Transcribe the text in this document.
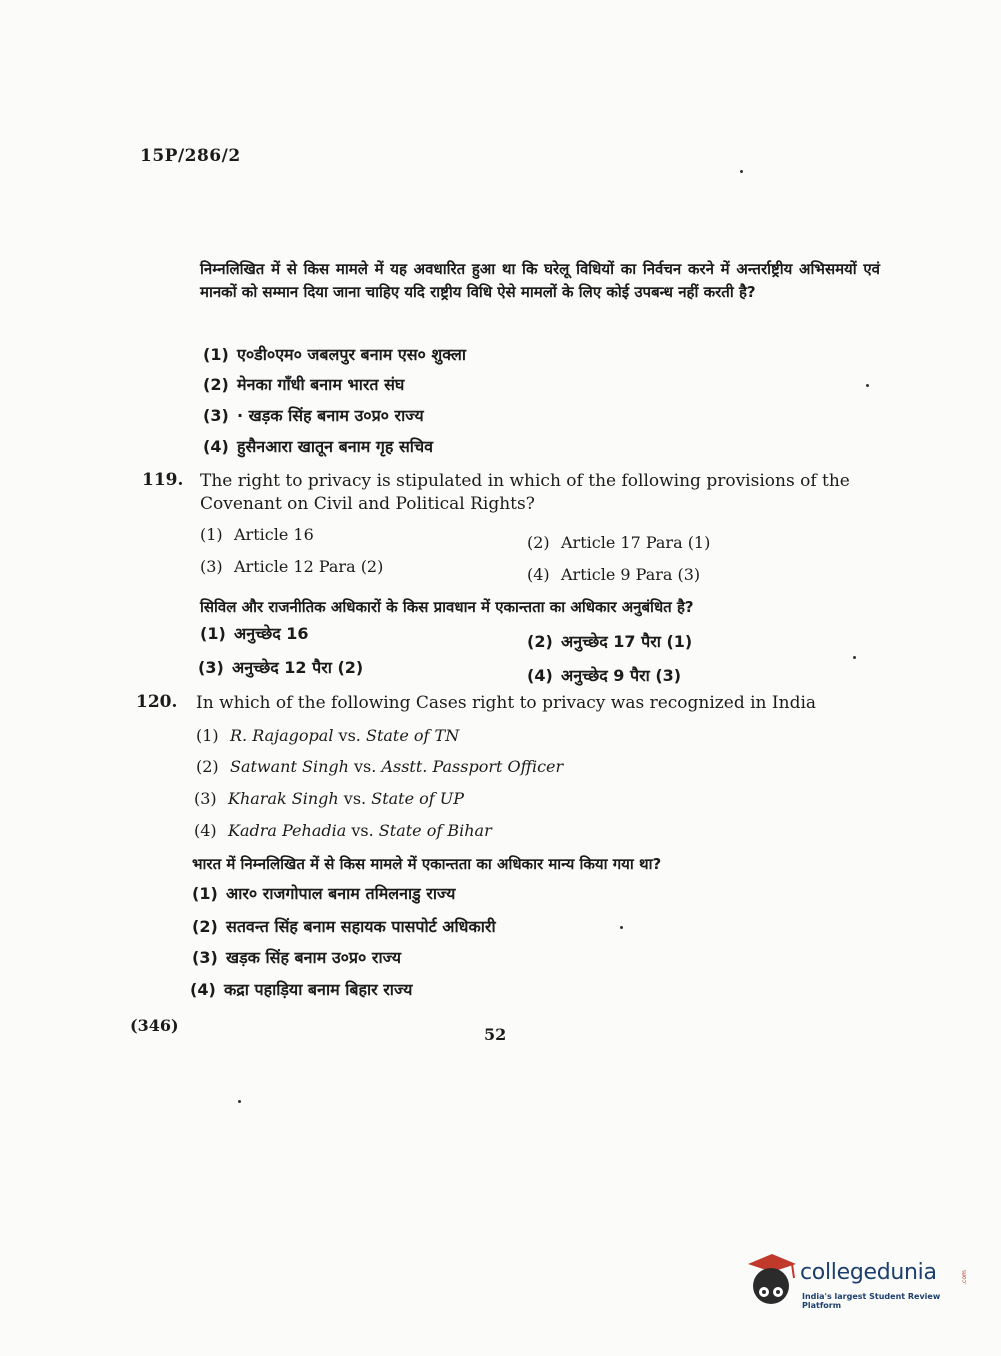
15P/286/2
निम्नलिखित में से किस मामले में यह अवधारित हुआ था कि घरेलू विधियों का निर्वचन करने में अन्तर्राष्ट्रीय अभिसमयों एवं मानकों को सम्मान दिया जाना चाहिए यदि राष्ट्रीय विधि ऐसे मामलों के लिए कोई उपबन्ध नहीं करती है?
(1) ए०डी०एम० जबलपुर बनाम एस० शुक्ला
(2) मेनका गाँधी बनाम भारत संघ
(3) · खड़क सिंह बनाम उ०प्र० राज्य
(4) हुसैनआरा खातून बनाम गृह सचिव
119. The right to privacy is stipulated in which of the following provisions of the Covenant on Civil and Political Rights?
(1) Article 16	(2) Article 17 Para (1)
(3) Article 12 Para (2)	(4) Article 9 Para (3)
सिविल और राजनीतिक अधिकारों के किस प्रावधान में एकान्तता का अधिकार अनुबंधित है?
(1) अनुच्छेद 16	(2) अनुच्छेद 17 पैरा (1)
(3) अनुच्छेद 12 पैरा (2)	(4) अनुच्छेद 9 पैरा (3)
120. In which of the following Cases right to privacy was recognized in India
(1) R. Rajagopal vs. State of TN
(2) Satwant Singh vs. Asstt. Passport Officer
(3) Kharak Singh vs. State of UP
(4) Kadra Pehadia vs. State of Bihar
भारत में निम्नलिखित में से किस मामले में एकान्तता का अधिकार मान्य किया गया था?
(1) आर० राजगोपाल बनाम तमिलनाडु राज्य
(2) सतवन्त सिंह बनाम सहायक पासपोर्ट अधिकारी
(3) खड़क सिंह बनाम उ०प्र० राज्य
(4) कद्रा पहाड़िया बनाम बिहार राज्य
(346)	52
collegedunia	.com
India's largest Student Review Platform
